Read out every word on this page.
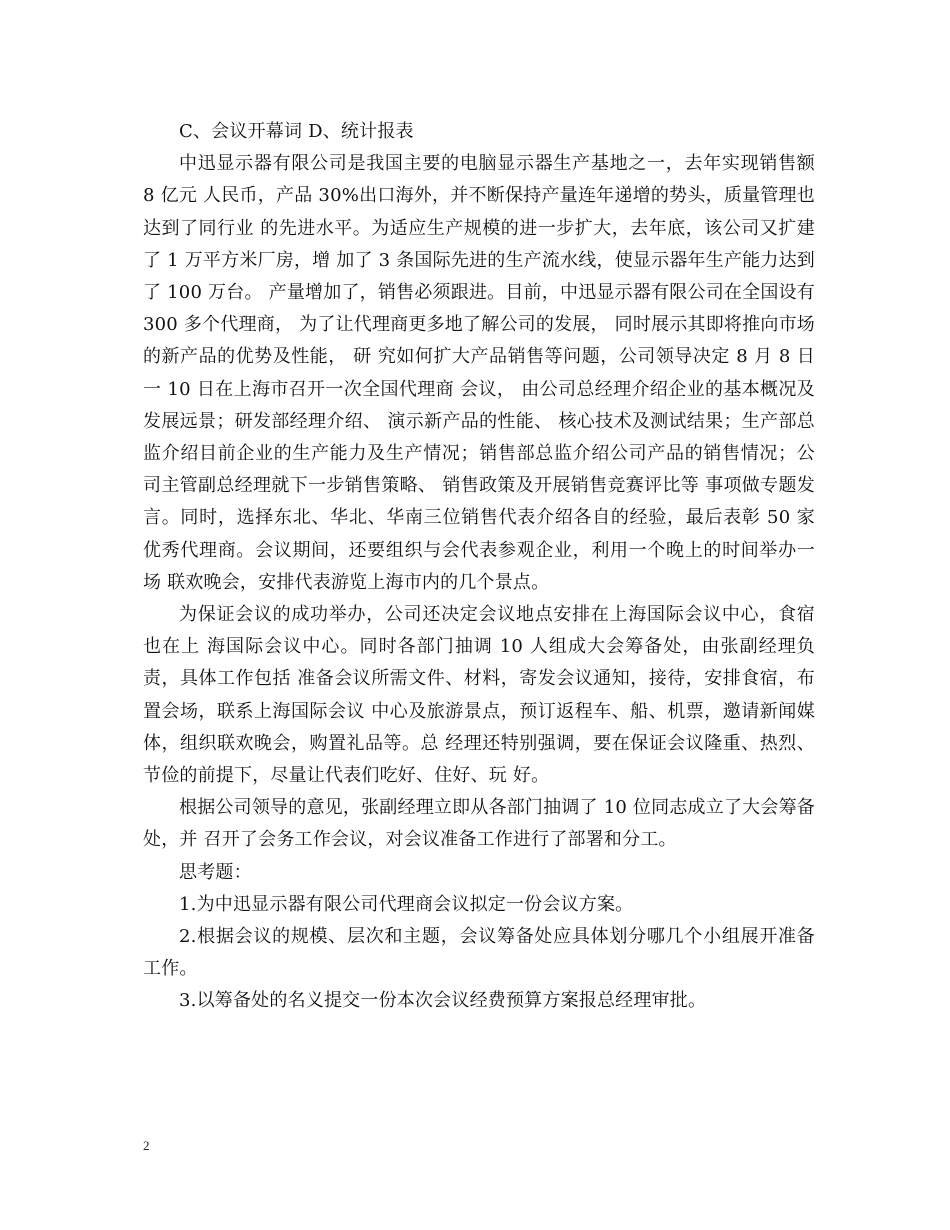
C、会议开幕词 D、统计报表

中迅显示器有限公司是我国主要的电脑显示器生产基地之一，去年实现销售额 8 亿元 人民币，产品 30%出口海外，并不断保持产量连年递增的势头，质量管理也达到了同行业 的先进水平。为适应生产规模的进一步扩大，去年底，该公司又扩建了 1 万平方米厂房，增 加了 3 条国际先进的生产流水线，使显示器年生产能力达到了 100 万台。 产量增加了，销售必须跟进。目前，中迅显示器有限公司在全国设有 300 多个代理商， 为了让代理商更多地了解公司的发展， 同时展示其即将推向市场的新产品的优势及性能， 研 究如何扩大产品销售等问题，公司领导决定 8 月 8 日一 10 日在上海市召开一次全国代理商 会议， 由公司总经理介绍企业的基本概况及发展远景；研发部经理介绍、 演示新产品的性能、 核心技术及测试结果；生产部总监介绍目前企业的生产能力及生产情况；销售部总监介绍公司产品的销售情况；公司主管副总经理就下一步销售策略、 销售政策及开展销售竞赛评比等 事项做专题发言。同时，选择东北、华北、华南三位销售代表介绍各自的经验，最后表彰 50 家优秀代理商。会议期间，还要组织与会代表参观企业，利用一个晚上的时间举办一场 联欢晚会，安排代表游览上海市内的几个景点。

为保证会议的成功举办，公司还决定会议地点安排在上海国际会议中心，食宿也在上 海国际会议中心。同时各部门抽调 10 人组成大会筹备处，由张副经理负责，具体工作包括 准备会议所需文件、材料，寄发会议通知，接待，安排食宿，布置会场，联系上海国际会议 中心及旅游景点，预订返程车、船、机票，邀请新闻媒体，组织联欢晚会，购置礼品等。总 经理还特别强调，要在保证会议隆重、热烈、节俭的前提下，尽量让代表们吃好、住好、玩 好。

根据公司领导的意见，张副经理立即从各部门抽调了 10 位同志成立了大会筹备处，并 召开了会务工作会议，对会议准备工作进行了部署和分工。

思考题：

1.为中迅显示器有限公司代理商会议拟定一份会议方案。

2.根据会议的规模、层次和主题，会议筹备处应具体划分哪几个小组展开准备工作。

3.以筹备处的名义提交一份本次会议经费预算方案报总经理审批。

2
